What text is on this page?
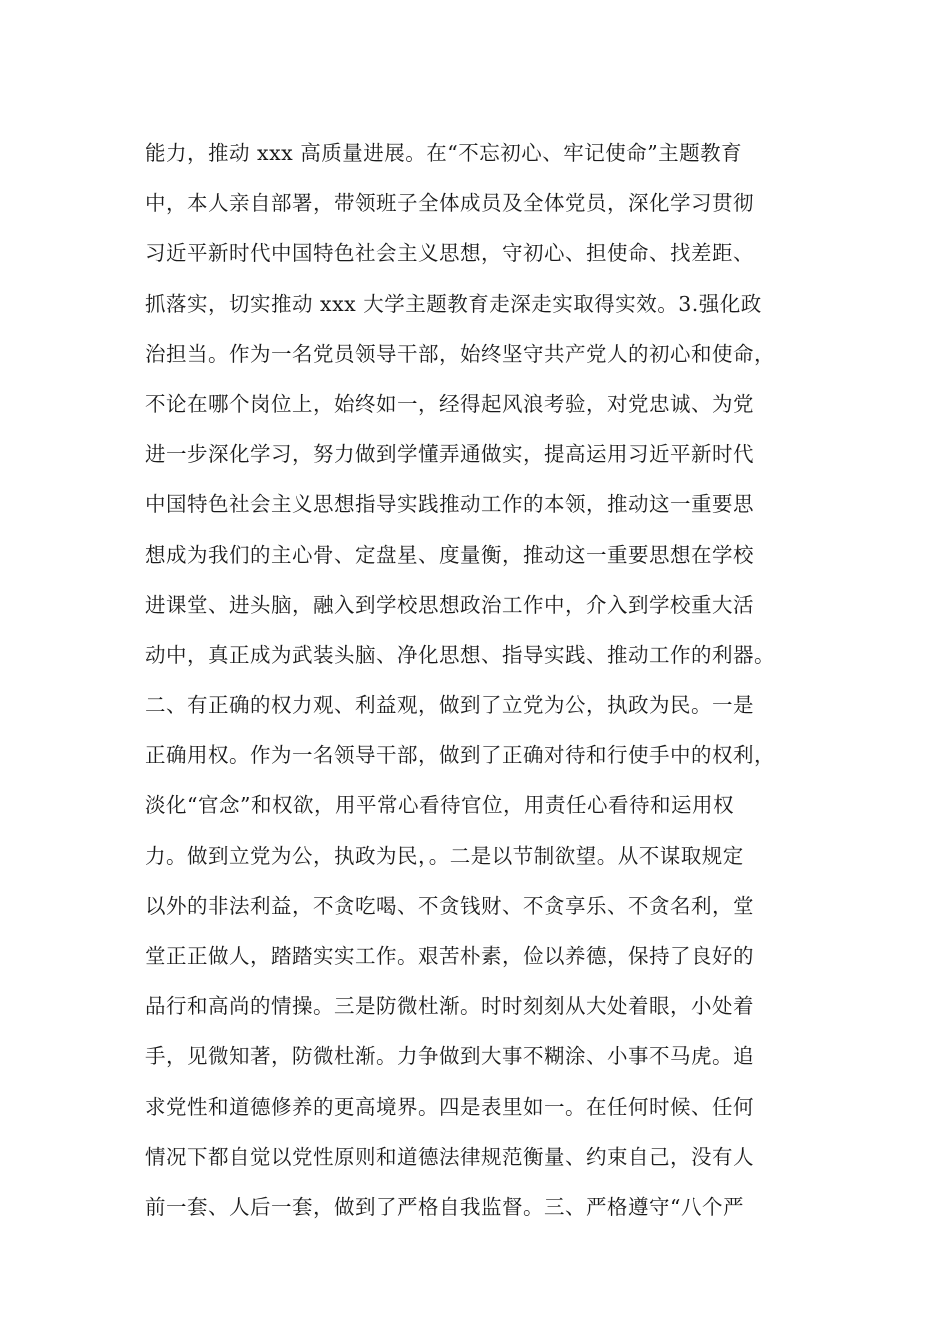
能力，推动 xxx 高质量进展。在“不忘初心、牢记使命”主题教育
中，本人亲自部署，带领班子全体成员及全体党员，深化学习贯彻
习近平新时代中国特色社会主义思想，守初心、担使命、找差距、
抓落实，切实推动 xxx 大学主题教育走深走实取得实效。3.强化政
治担当。作为一名党员领导干部，始终坚守共产党人的初心和使命，
不论在哪个岗位上，始终如一，经得起风浪考验，对党忠诚、为党
进一步深化学习，努力做到学懂弄通做实，提高运用习近平新时代
中国特色社会主义思想指导实践推动工作的本领，推动这一重要思
想成为我们的主心骨、定盘星、度量衡，推动这一重要思想在学校
进课堂、进头脑，融入到学校思想政治工作中，介入到学校重大活
动中，真正成为武装头脑、净化思想、指导实践、推动工作的利器。
二、有正确的权力观、利益观，做到了立党为公，执政为民。一是
正确用权。作为一名领导干部，做到了正确对待和行使手中的权利，
淡化“官念”和权欲，用平常心看待官位，用责任心看待和运用权
力。做到立党为公，执政为民，。二是以节制欲望。从不谋取规定
以外的非法利益，不贪吃喝、不贪钱财、不贪享乐、不贪名利，堂
堂正正做人，踏踏实实工作。艰苦朴素，俭以养德，保持了良好的
品行和高尚的情操。三是防微杜渐。时时刻刻从大处着眼，小处着
手，见微知著，防微杜渐。力争做到大事不糊涂、小事不马虎。追
求党性和道德修养的更高境界。四是表里如一。在任何时候、任何
情况下都自觉以党性原则和道德法律规范衡量、约束自己，没有人
前一套、人后一套，做到了严格自我监督。三、严格遵守“八个严
